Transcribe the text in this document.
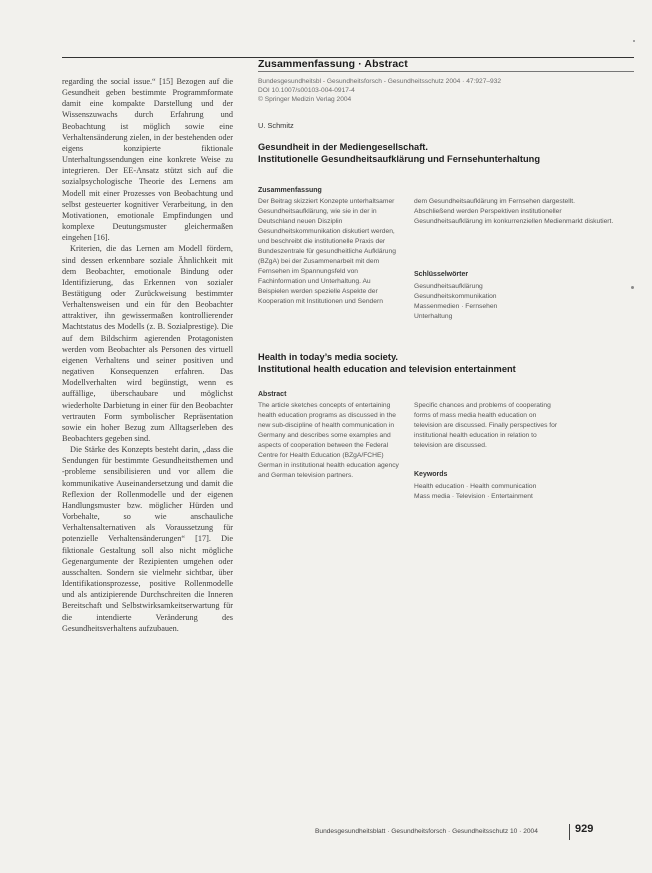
Zusammenfassung · Abstract

regarding the social issue.“ [15] Bezogen auf die Gesundheit geben bestimmte Programmformate damit eine kompakte Darstellung und der Wissenszuwachs durch Erfahrung und Beobachtung ist möglich sowie eine Verhaltensänderung zielen, in der bestehenden oder eigens konzipierte fiktionale Unterhaltungssendungen eine konkrete Weise zu integrieren. Der EE-Ansatz stützt sich auf die sozialpsychologische Theorie des Lernens am Modell mit einer Prozesses von Beobachtung und selbst gesteuerter kognitiver Verarbeitung, in den Motivationen, emotionale Empfindungen und komplexe Deutungsmuster gleichermaßen eingehen [16].

Kriterien, die das Lernen am Modell fördern, sind dessen erkennbare soziale Ähnlichkeit mit dem Beobachter, emotionale Bindung oder Identifizierung, das Erkennen von sozialer Bestätigung oder Zurückweisung bestimmter Verhaltensweisen und ein für den Beobachter attraktiver, ihn gewissermaßen kontrollierender Machtstatus des Modells (z. B. Sozialprestige). Die auf dem Bildschirm agierenden Protagonisten werden vom Beobachter als Personen des virtuell eigenen Verhaltens und seiner positiven und negativen Konsequenzen erfahren. Das Modellverhalten wird begünstigt, wenn es auffällige, überschaubare und möglichst wiederholte Darbietung in einer für den Beobachter vertrauten Form symbolischer Repräsentation sowie ein hoher Bezug zum Alltagserleben des Beobachters gegeben sind.

Die Stärke des Konzepts besteht darin, „dass die Sendungen für bestimmte Gesundheitsthemen und -probleme sensibilisieren und vor allem die kommunikative Auseinandersetzung und damit die Reflexion der Rollenmodelle und der eigenen Handlungsmuster bzw. möglicher Hürden und Vorbehalte, so wie anschauliche Verhaltensalternativen als Voraussetzung für potenzielle Verhaltensänderungen“ [17]. Die fiktionale Gestaltung soll also nicht mögliche Gegenargumente der Rezipienten umgehen oder ausschalten. Sondern sie vielmehr sichtbar, über Identifikationsprozesse, positive Rollenmodelle und als antizipierende Durchschreiten die Inneren Bereitschaft und Selbstwirksamkeitserwartung für die intendierte Veränderung des Gesundheitsverhaltens aufzubauen.

Bundesgesundheitsbl - Gesundheitsforsch - Gesundheitsschutz 2004 · 47:927–932
DOI 10.1007/s00103-004-0917-4
© Springer Medizin Verlag 2004
U. Schmitz
Gesundheit in der Mediengesellschaft.
Institutionelle Gesundheitsaufklärung und Fernsehunterhaltung
Zusammenfassung
Der Beitrag skizziert Konzepte unterhaltsamer Gesundheitsaufklärung, wie sie in der in Deutschland neuen Disziplin Gesundheitskommunikation diskutiert werden, und beschreibt die institutionelle Praxis der Bundeszentrale für gesundheitliche Aufklärung (BZgA) bei der Zusammenarbeit mit dem Fernsehen im Spannungsfeld von Fachinformation und Unterhaltung. Au Beispielen werden spezielle Aspekte der Kooperation mit Institutionen und Sendern
dem Gesundheitsaufklärung im Fernsehen dargestellt. Abschließend werden Perspektiven institutioneller Gesundheitsaufklärung im konkurrenziellen Medienmarkt diskutiert.
Schlüsselwörter
Gesundheitsaufklärung
Gesundheitskommunikation
Massenmedien · Fernsehen
Unterhaltung
Health in today’s media society.
Institutional health education and television entertainment
Abstract
The article sketches concepts of entertaining health education programs as discussed in the new sub-discipline of health communication in Germany and describes some examples and aspects of cooperation between the Federal Centre for Health Education (BZgA/FCHE) German in institutional health education agency and German television partners.
Specific chances and problems of cooperating forms of mass media health education on television are discussed. Finally perspectives for institutional health education in relation to television are discussed.
Keywords
Health education · Health communication
Mass media · Television · Entertainment
Bundesgesundheitsblatt · Gesundheitsforsch · Gesundheitsschutz 10 · 2004	929
